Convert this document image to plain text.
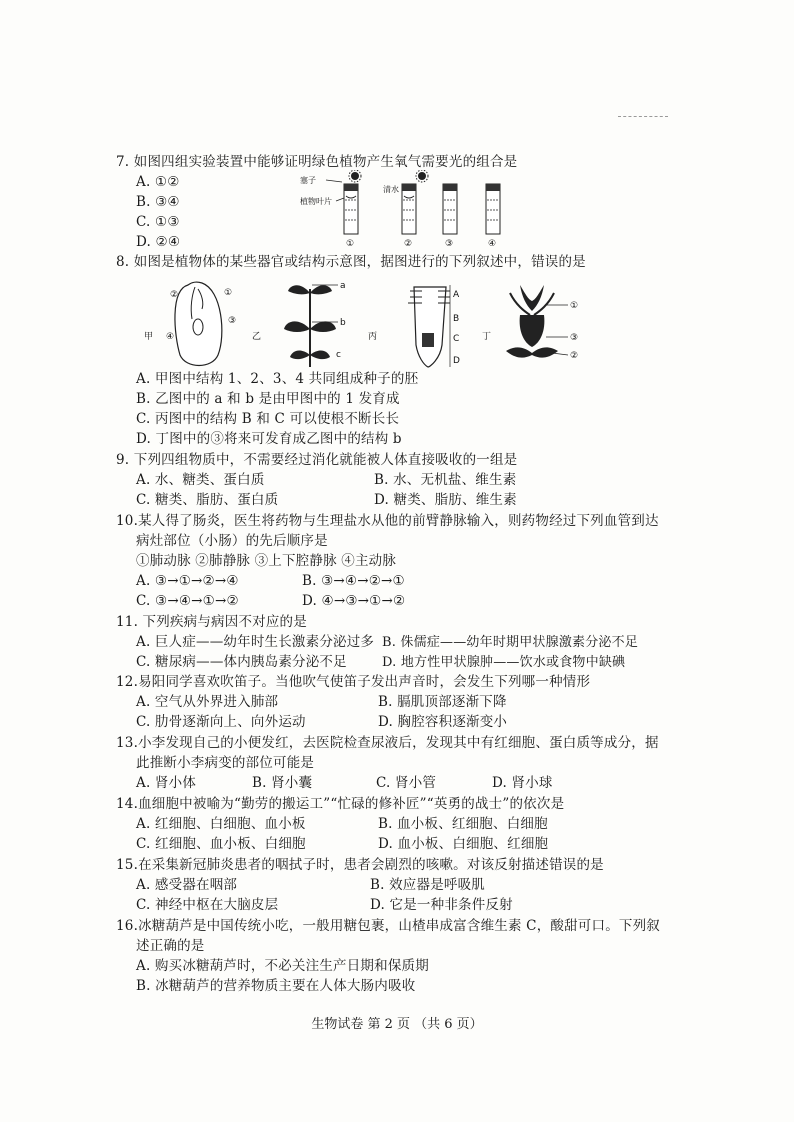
7. 如图四组实验装置中能够证明绿色植物产生氧气需要光的组合是
A. ①②
B. ③④
C. ①③
D. ②④
塞子
植物叶片
清水
①	②	③	④
8. 如图是植物体的某些器官或结构示意图，据图进行的下列叙述中，错误的是
甲
②	①
③
④	乙
a
b
c
丙
A
B
C
D
丁
①
③
②
A. 甲图中结构 1、2、3、4 共同组成种子的胚
B. 乙图中的 a 和 b 是由甲图中的 1 发育成
C. 丙图中的结构 B 和 C 可以使根不断长长
D. 丁图中的③将来可发育成乙图中的结构 b
9. 下列四组物质中，不需要经过消化就能被人体直接吸收的一组是
A. 水、糖类、蛋白质	B. 水、无机盐、维生素
C. 糖类、脂肪、蛋白质	D. 糖类、脂肪、维生素
10.某人得了肠炎，医生将药物与生理盐水从他的前臂静脉输入，则药物经过下列血管到达
病灶部位（小肠）的先后顺序是
①肺动脉 ②肺静脉 ③上下腔静脉 ④主动脉
A. ③→①→②→④	B. ③→④→②→①
C. ③→④→①→②	D. ④→③→①→②
11. 下列疾病与病因不对应的是
A. 巨人症——幼年时生长激素分泌过多 B. 侏儒症——幼年时期甲状腺激素分泌不足
C. 糖尿病——体内胰岛素分泌不足	D. 地方性甲状腺肿——饮水或食物中缺碘
12.易阳同学喜欢吹笛子。当他吹气使笛子发出声音时，会发生下列哪一种情形
A. 空气从外界进入肺部	B. 膈肌顶部逐渐下降
C. 肋骨逐渐向上、向外运动	D. 胸腔容积逐渐变小
13.小李发现自己的小便发红，去医院检查尿液后，发现其中有红细胞、蛋白质等成分，据
此推断小李病变的部位可能是
A. 肾小体	B. 肾小囊	C. 肾小管	D. 肾小球
14.血细胞中被喻为“勤劳的搬运工”“忙碌的修补匠”“英勇的战士”的依次是
A. 红细胞、白细胞、血小板	B. 血小板、红细胞、白细胞
C. 红细胞、血小板、白细胞	D. 血小板、白细胞、红细胞
15.在采集新冠肺炎患者的咽拭子时，患者会剧烈的咳嗽。对该反射描述错误的是
A. 感受器在咽部	B. 效应器是呼吸肌
C. 神经中枢在大脑皮层	D. 它是一种非条件反射
16.冰糖葫芦是中国传统小吃，一般用糖包裹，山楂串成富含维生素 C，酸甜可口。下列叙
述正确的是
A. 购买冰糖葫芦时，不必关注生产日期和保质期
B. 冰糖葫芦的营养物质主要在人体大肠内吸收
生物试卷 第 2 页 （共 6 页）
